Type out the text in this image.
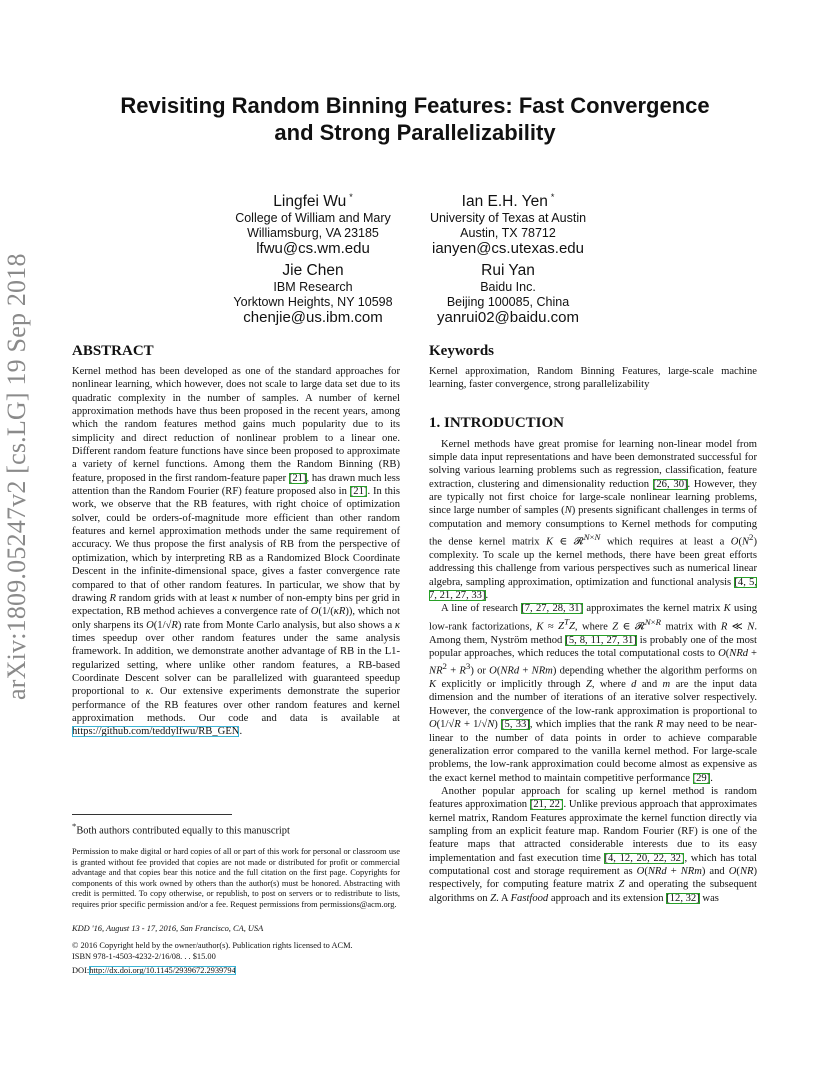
arXiv:1809.05247v2 [cs.LG] 19 Sep 2018
Revisiting Random Binning Features: Fast Convergence
and Strong Parallelizability
Lingfei Wu *
College of William and Mary
Williamsburg, VA 23185
lfwu@cs.wm.edu
Ian E.H. Yen *
University of Texas at Austin
Austin, TX 78712
ianyen@cs.utexas.edu
Jie Chen
IBM Research
Yorktown Heights, NY 10598
chenjie@us.ibm.com
Rui Yan
Baidu Inc.
Beijing 100085, China
yanrui02@baidu.com
ABSTRACT

Kernel method has been developed as one of the standard approaches for nonlinear learning, which however, does not scale to large data set due to its quadratic complexity in the number of samples. A number of kernel approximation methods have thus been proposed in the recent years, among which the random features method gains much popularity due to its simplicity and direct reduction of nonlinear problem to a linear one. Different random feature functions have since been proposed to approximate a variety of kernel functions. Among them the Random Binning (RB) feature, proposed in the first random-feature paper [21], has drawn much less attention than the Random Fourier (RF) feature proposed also in [21]. In this work, we observe that the RB features, with right choice of optimization solver, could be orders-of-magnitude more efficient than other random features and kernel approximation methods under the same requirement of accuracy. We thus propose the first analysis of RB from the perspective of optimization, which by interpreting RB as a Randomized Block Coordinate Descent in the infinite-dimensional space, gives a faster convergence rate compared to that of other random features. In particular, we show that by drawing R random grids with at least κ number of non-empty bins per grid in expectation, RB method achieves a convergence rate of O(1/(κR)), which not only sharpens its O(1/√R) rate from Monte Carlo analysis, but also shows a κ times speedup over other random features under the same analysis framework. In addition, we demonstrate another advantage of RB in the L1-regularized setting, where unlike other random features, a RB-based Coordinate Descent solver can be parallelized with guaranteed speedup proportional to κ. Our extensive experiments demonstrate the superior performance of the RB features over other random features and kernel approximation methods. Our code and data is available at https://github.com/teddylfwu/RB_GEN.

*Both authors contributed equally to this manuscript
Permission to make digital or hard copies of all or part of this work for personal or classroom use is granted without fee provided that copies are not made or distributed for profit or commercial advantage and that copies bear this notice and the full citation on the first page. Copyrights for components of this work owned by others than the author(s) must be honored. Abstracting with credit is permitted. To copy otherwise, or republish, to post on servers or to redistribute to lists, requires prior specific permission and/or a fee. Request permissions from permissions@acm.org.
KDD '16, August 13 - 17, 2016, San Francisco, CA, USA
© 2016 Copyright held by the owner/author(s). Publication rights licensed to ACM.
ISBN 978-1-4503-4232-2/16/08. . . $15.00
DOI:http://dx.doi.org/10.1145/2939672.2939794
Keywords

Kernel approximation, Random Binning Features, large-scale machine learning, faster convergence, strong parallelizability

1. INTRODUCTION

Kernel methods have great promise for learning non-linear model from simple data input representations and have been demonstrated successful for solving various learning problems such as regression, classification, feature extraction, clustering and dimensionality reduction [26, 30]. However, they are typically not first choice for large-scale nonlinear learning problems, since large number of samples (N) presents significant challenges in terms of computation and memory consumptions to Kernel methods for computing the dense kernel matrix K ∈ 𝓡$^{N\times N}$ which requires at least a $O(N^2)$ complexity. To scale up the kernel methods, there have been great efforts addressing this challenge from various perspectives such as numerical linear algebra, sampling approximation, optimization and functional analysis [4, 5, 7, 21, 27, 33].

A line of research [7, 27, 28, 31] approximates the kernel matrix K using low-rank factorizations, $K \approx Z^TZ$, where Z ∈ 𝓡$^{N\times R}$ matrix with R ≪ N. Among them, Nyström method [5, 8, 11, 27, 31] is probably one of the most popular approaches, which reduces the total computational costs to $O(NRd + NR^2 + R^3)$ or O(NRd + NRm) depending whether the algorithm performs on K explicitly or implicitly through Z, where d and m are the input data dimension and the number of iterations of an iterative solver respectively. However, the convergence of the low-rank approximation is proportional to O(1/√R + 1/√N) [5, 33], which implies that the rank R may need to be near-linear to the number of data points in order to achieve comparable generalization error compared to the vanilla kernel method. For large-scale problems, the low-rank approximation could become almost as expensive as the exact kernel method to maintain competitive performance [29].

Another popular approach for scaling up kernel method is random features approximation [21, 22]. Unlike previous approach that approximates kernel matrix, Random Features approximate the kernel function directly via sampling from an explicit feature map. Random Fourier (RF) is one of the feature maps that attracted considerable interests due to its easy implementation and fast execution time [4, 12, 20, 22, 32], which has total computational cost and storage requirement as O(NRd + NRm) and O(NR) respectively, for computing feature matrix Z and operating the subsequent algorithms on Z. A Fastfood approach and its extension [12, 32] was
